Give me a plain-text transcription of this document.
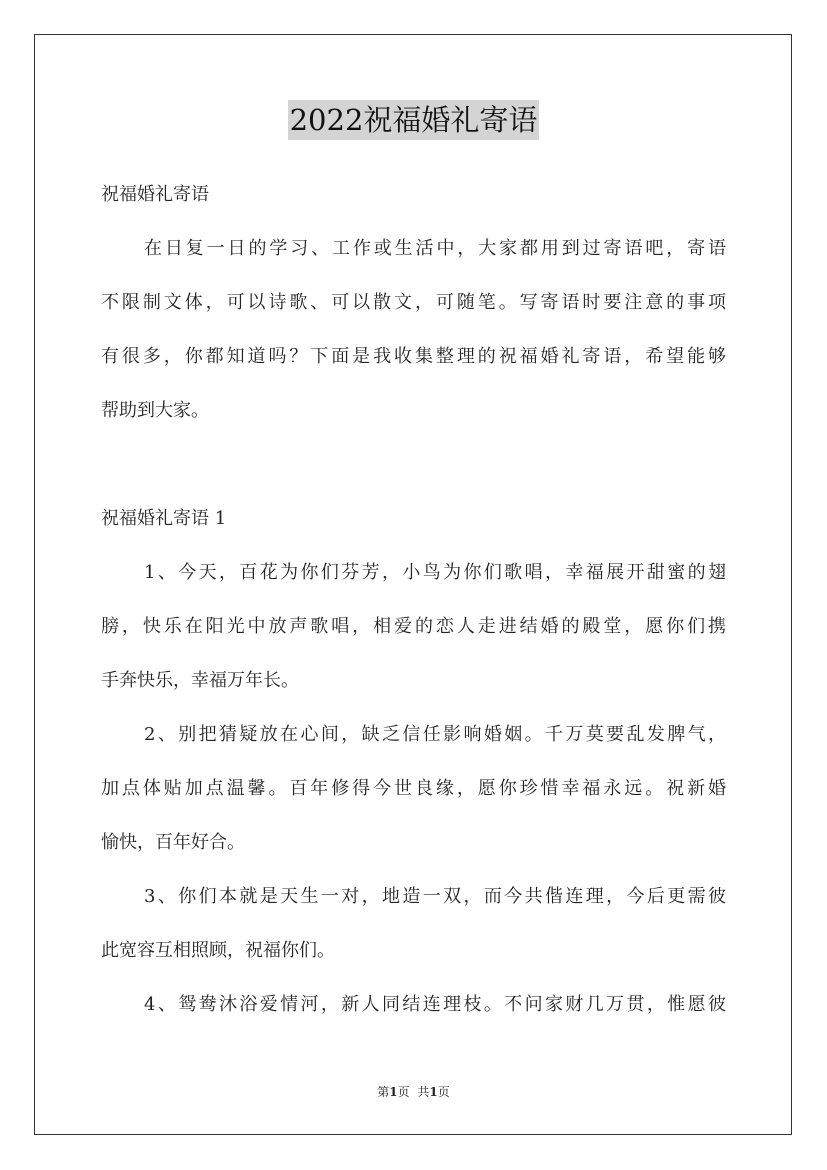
2022祝福婚礼寄语
祝福婚礼寄语
在日复一日的学习、工作或生活中，大家都用到过寄语吧，寄语
不限制文体，可以诗歌、可以散文，可随笔。写寄语时要注意的事项
有很多，你都知道吗？下面是我收集整理的祝福婚礼寄语，希望能够
帮助到大家。
祝福婚礼寄语 1
1、今天，百花为你们芬芳，小鸟为你们歌唱，幸福展开甜蜜的翅
膀，快乐在阳光中放声歌唱，相爱的恋人走进结婚的殿堂，愿你们携
手奔快乐，幸福万年长。
2、别把猜疑放在心间，缺乏信任影响婚姻。千万莫要乱发脾气，
加点体贴加点温馨。百年修得今世良缘，愿你珍惜幸福永远。祝新婚
愉快，百年好合。
3、你们本就是天生一对，地造一双，而今共偕连理，今后更需彼
此宽容互相照顾，祝福你们。
4、鸳鸯沐浴爱情河，新人同结连理枝。不问家财几万贯，惟愿彼
第1页 共1页
